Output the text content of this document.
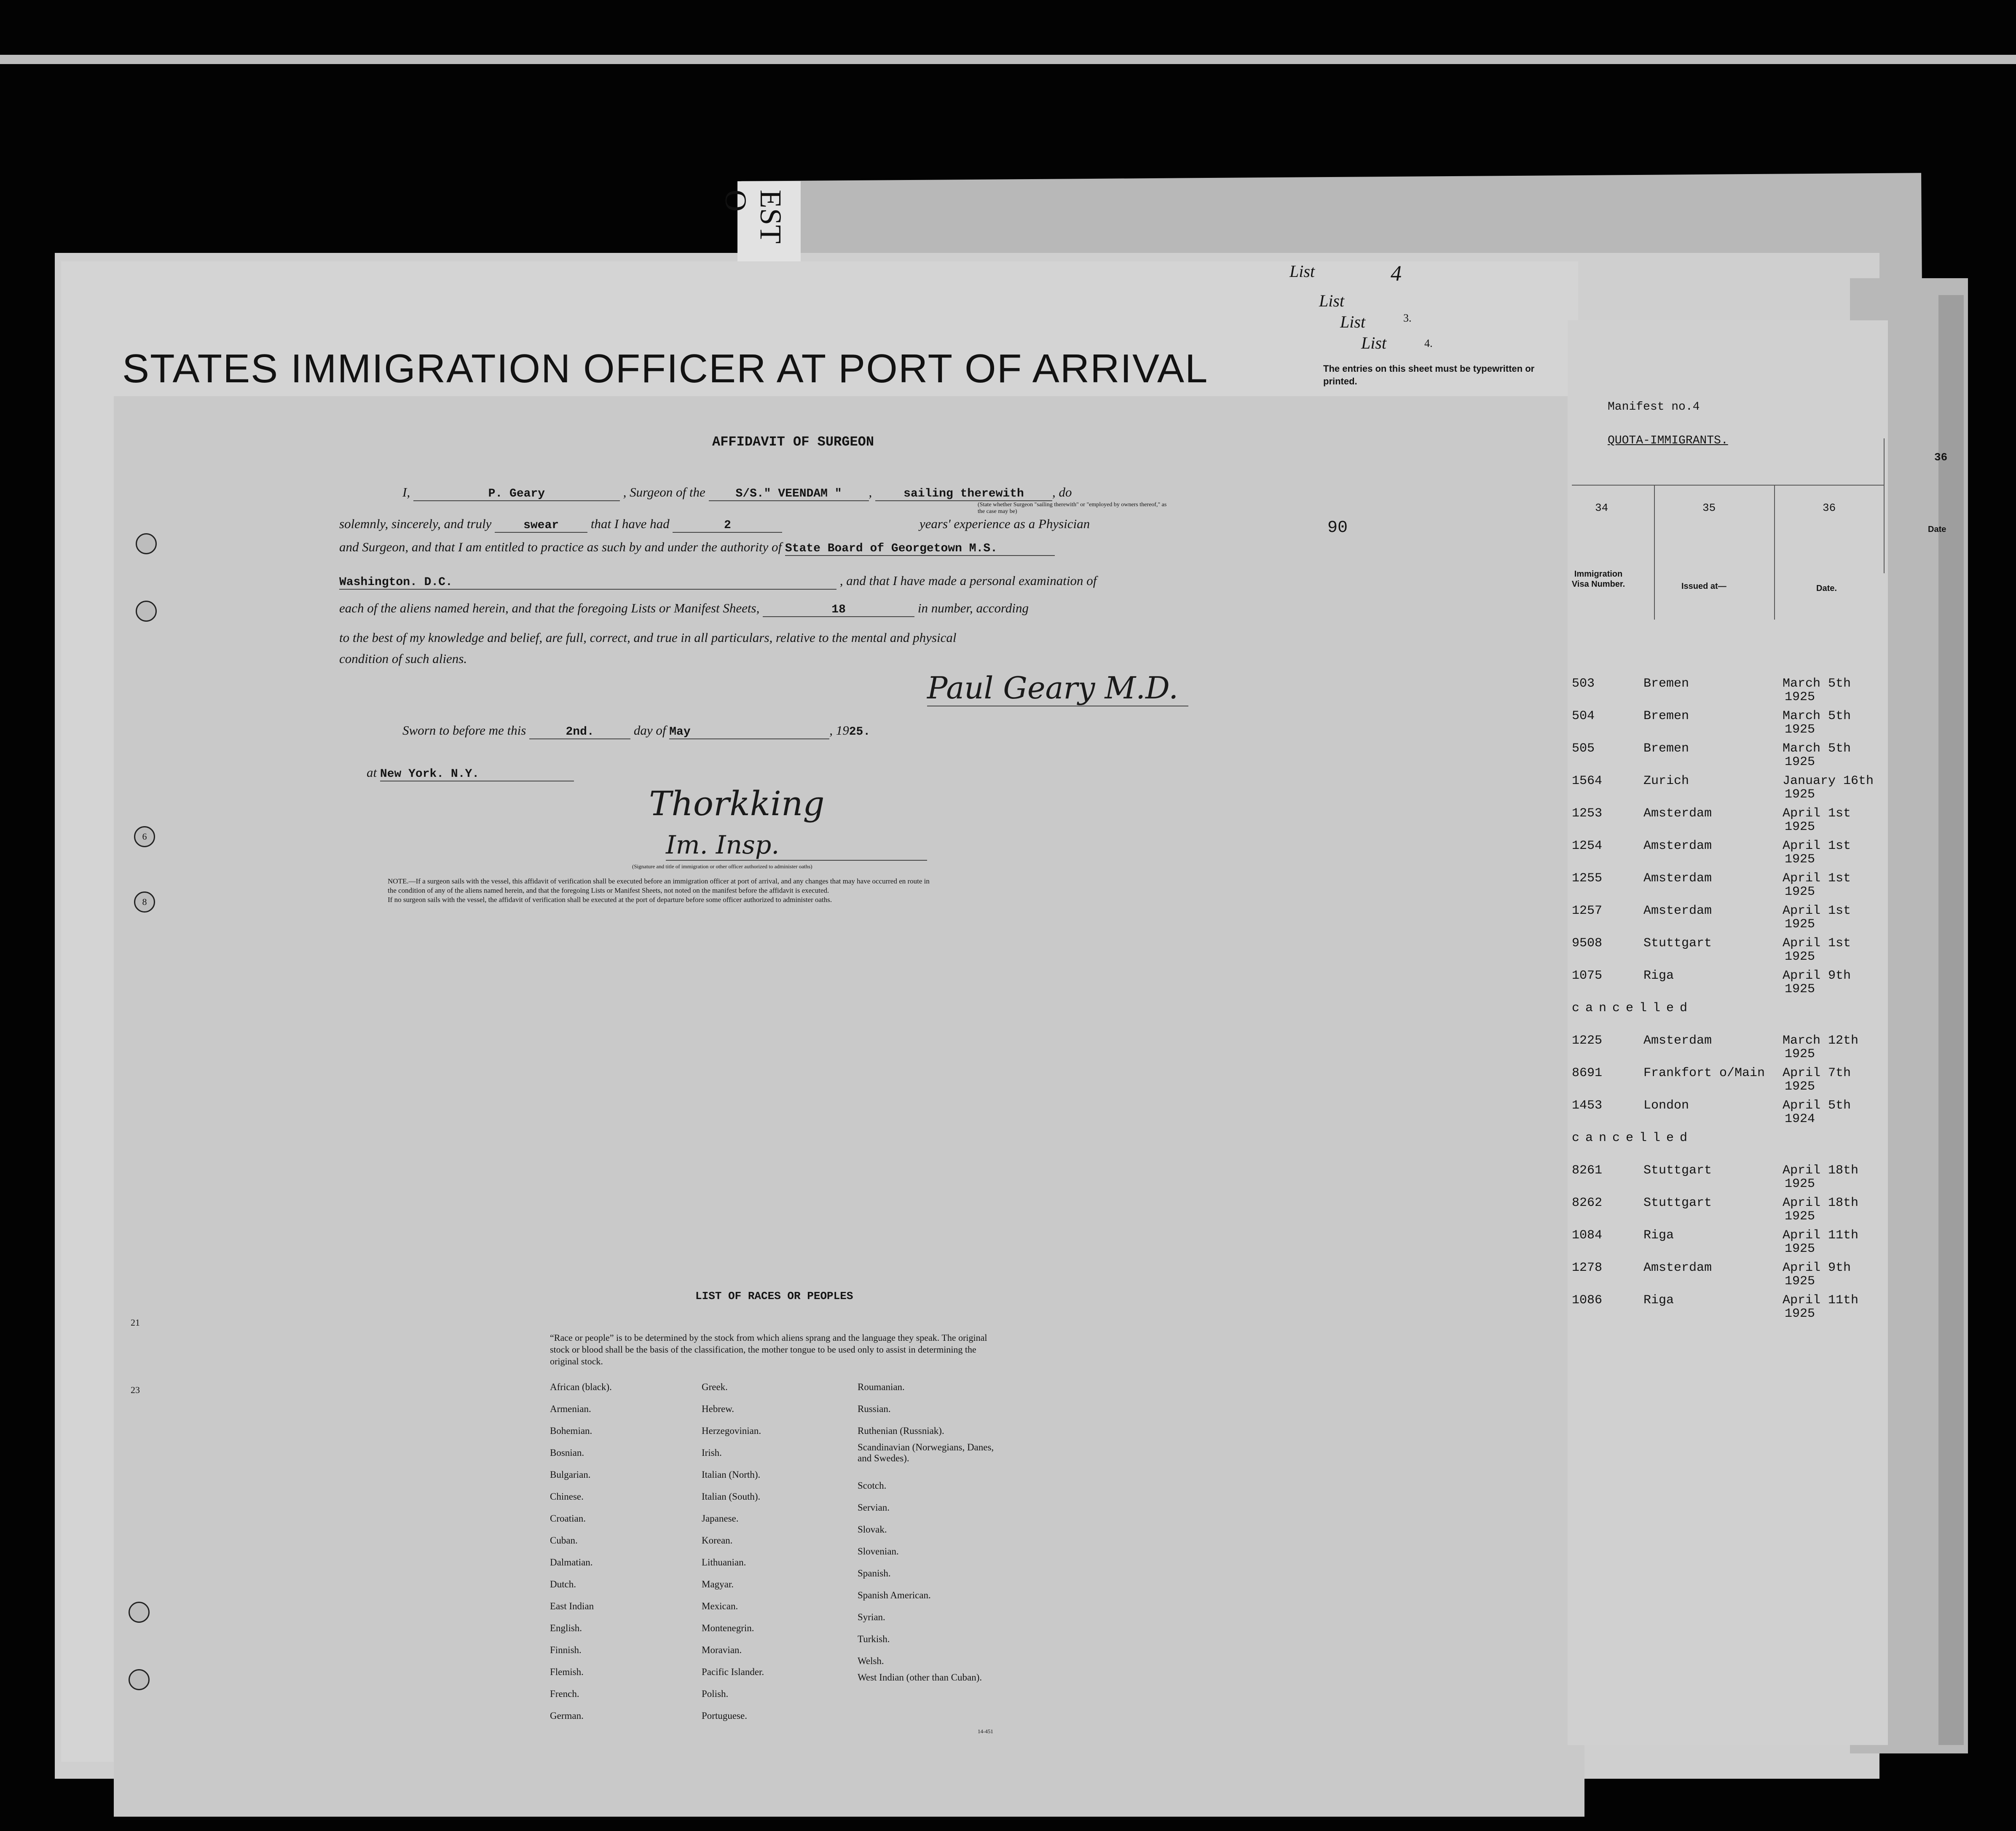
EST O
STATES IMMIGRATION OFFICER AT PORT OF ARRIVAL
List
List
List
List
4
3.
4.
The entries on this sheet must be typewritten or printed.
AFFIDAVIT OF SURGEON
90
I,	P. Geary	, Surgeon of the	S/S." VEENDAM " , sailing therewith , do
(State whether Surgeon "sailing therewith" or "employed by owners thereof," as the case may be)
solemnly, sincerely, and truly	swear that I have had	2	years' experience as a Physician
and Surgeon, and that I am entitled to practice as such by and under the authority of State Board of Georgetown M.S.
Washington. D.C.	, and that I have made a personal examination of
each of the aliens named herein, and that the foregoing Lists or Manifest Sheets,	18	in number, according
to the best of my knowledge and belief, are full, correct, and true in all particulars, relative to the mental and physical
condition of such aliens.
Paul Geary M.D.
Sworn to before me this	2nd.	day of May	, 1925.
at New York. N.Y.
Thorkking
Im. Insp.
(Signature and title of immigration or other officer authorized to administer oaths)
NOTE.—If a surgeon sails with the vessel, this affidavit of verification shall be executed before an immigration officer at port of arrival, and any changes that may have occurred en route in
the condition of any of the aliens named herein, and that the foregoing Lists or Manifest Sheets, not noted on the manifest before the affidavit is executed.
If no surgeon sails with the vessel, the affidavit of verification shall be executed at the port of departure before some officer authorized to administer oaths.
6
8
21
23
LIST OF RACES OR PEOPLES
“Race or people” is to be determined by the stock from which aliens sprang and the language they speak. The original stock or blood shall be the basis of the classification, the mother tongue to be used only to assist in determining the original stock.
African (black).
Armenian.
Bohemian.
Bosnian.
Bulgarian.
Chinese.
Croatian.
Cuban.
Dalmatian.
Dutch.
East Indian
English.
Finnish.
Flemish.
French.
German.
Greek.
Hebrew.
Herzegovinian.
Irish.
Italian (North).
Italian (South).
Japanese.
Korean.
Lithuanian.
Magyar.
Mexican.
Montenegrin.
Moravian.
Pacific Islander.
Polish.
Portuguese.
Roumanian.
Russian.
Ruthenian (Russniak).
Scandinavian (Norwegians, Danes, and Swedes).
Scotch.
Servian.
Slovak.
Slovenian.
Spanish.
Spanish American.
Syrian.
Turkish.
Welsh.
West Indian (other than Cuban).
14-451
Manifest no.4
QUOTA-IMMIGRANTS.
34	35	36
36
Immigration Visa Number.	Issued at—	Date.
Date
503	Bremen	March 5th
1925
504	Bremen	March 5th
1925
505	Bremen	March 5th
1925
1564	Zurich	January 16th
1925
1253	Amsterdam	April 1st
1925
1254	Amsterdam	April 1st
1925
1255	Amsterdam	April 1st
1925
1257	Amsterdam	April 1st
1925
9508	Stuttgart	April 1st
1925
1075	Riga	April 9th
1925
cancelled
1225	Amsterdam	March 12th
1925
8691	Frankfort o/Main April 7th
1925
1453	London	April 5th
1924
cancelled
8261	Stuttgart	April 18th
1925
8262	Stuttgart	April 18th
1925
1084	Riga	April 11th
1925
1278	Amsterdam	April 9th
1925
1086	Riga	April 11th
1925
